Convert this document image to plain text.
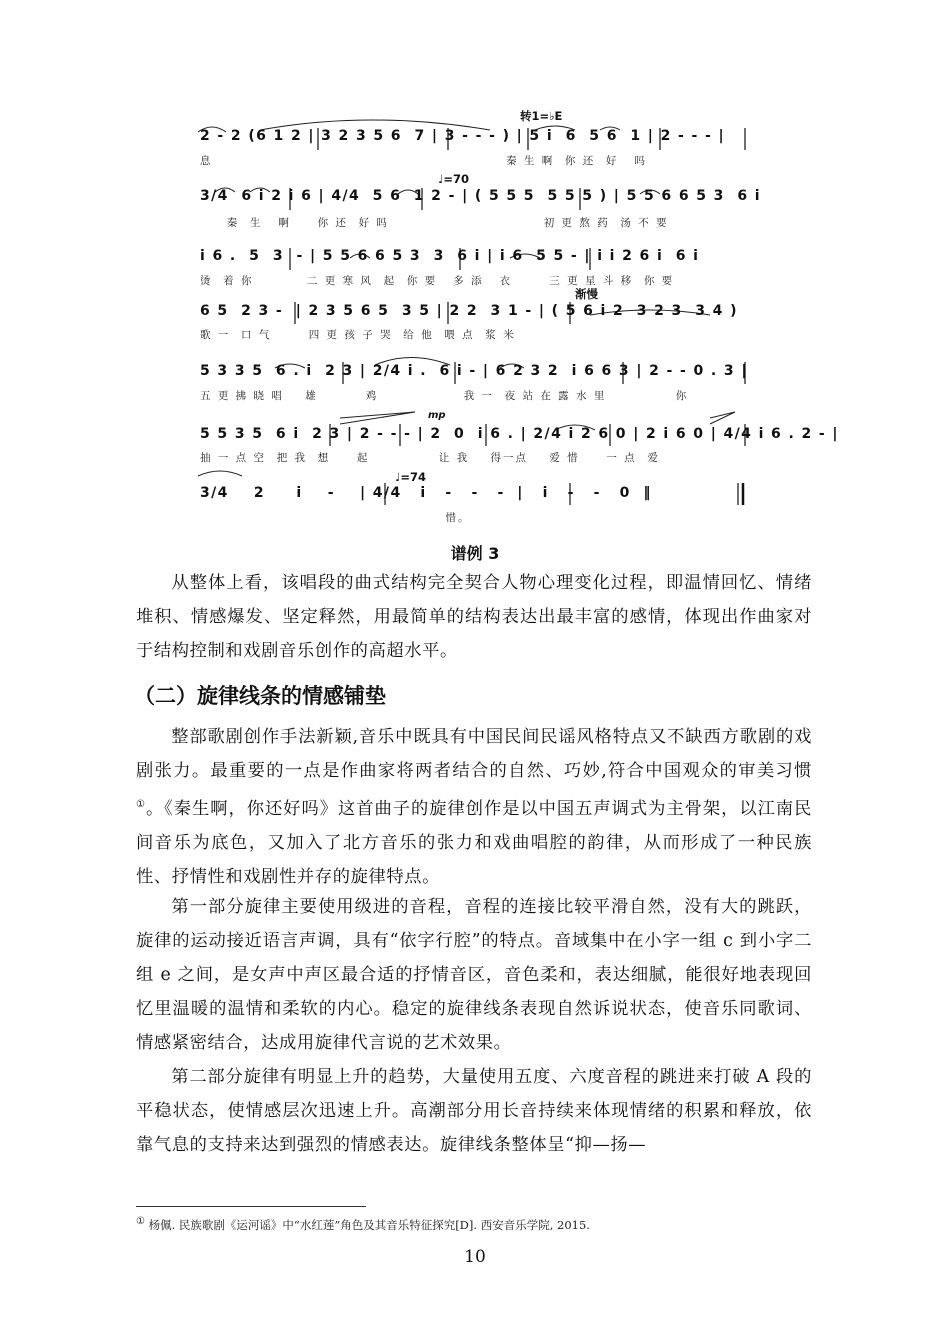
转1=♭E
♩=70
渐慢
mp
♩=74
2 - 2 (6 1 2 | 3 2 3 5 6  7 | 3 - - - ) | 5 i  6  5 6  1 | 2 - - - |
息                                                       秦 生 啊  你 还  好   吗
3/4  6 i 2 i 6 | 4/4  5 6  1 2 - | ( 5 5 5  5 5 5 ) | 5 5 6 6 5 3  6 i
秦  生   啊     你 还  好 吗                             初 更 熬 药  汤 不 要
i 6 .  5  3  - | 5 5 6 6 5 3  3  6 i | i 6  5 5 - | i i 2 6 i  6 i
烫  着 你          二 更 寒 风  起  你 要   多 添   衣       三 更 星 斗 移  你 要
6 5  2 3 -  | 2 3 5 6 5  3 5 | 2 2  3 1 - | ( 5 6 i 2  3 2 3  3 4 )
歌 一  口 气       四 更 孩 子 哭  给 他  喂 点  浆 米
5 3 3 5  6 . i  2 3 | 2/4 i .  6 i - | 6 2 3 2  i 6 6 3 | 2 - - 0 . 3 |
五 更 拂 晓 唱    雄         鸡                我 一  夜 站 在 露 水 里             你
5 5 3 5  6 i  2 3 | 2 - - - | 2  0  i 6 . | 2/4 i 2 6 0 | 2 i 6 0 | 4/4 i 6 . 2 - |
抽 一 点 空  把 我  想     起             让 我    得一点    爱 惜     一 点  爱
3/4    2     i    -    | 4/4   i   -   -   -  |   i   -   -   0  ‖
惜。
谱例 3
从整体上看，该唱段的曲式结构完全契合人物心理变化过程，即温情回忆、情绪堆积、情感爆发、坚定释然，用最简单的结构表达出最丰富的感情，体现出作曲家对于结构控制和戏剧音乐创作的高超水平。
（二）旋律线条的情感铺垫
整部歌剧创作手法新颖,音乐中既具有中国民间民谣风格特点又不缺西方歌剧的戏剧张力。最重要的一点是作曲家将两者结合的自然、巧妙,符合中国观众的审美习惯①。《秦生啊，你还好吗》这首曲子的旋律创作是以中国五声调式为主骨架，以江南民间音乐为底色，又加入了北方音乐的张力和戏曲唱腔的韵律，从而形成了一种民族性、抒情性和戏剧性并存的旋律特点。
第一部分旋律主要使用级进的音程，音程的连接比较平滑自然，没有大的跳跃，旋律的运动接近语言声调，具有“依字行腔”的特点。音域集中在小字一组 c 到小字二组 e 之间，是女声中声区最合适的抒情音区，音色柔和，表达细腻，能很好地表现回忆里温暖的温情和柔软的内心。稳定的旋律线条表现自然诉说状态，使音乐同歌词、情感紧密结合，达成用旋律代言说的艺术效果。
第二部分旋律有明显上升的趋势，大量使用五度、六度音程的跳进来打破 A 段的平稳状态，使情感层次迅速上升。高潮部分用长音持续来体现情绪的积累和释放，依靠气息的支持来达到强烈的情感表达。旋律线条整体呈“抑—扬—
① 杨佩. 民族歌剧《运河谣》中“水红莲”角色及其音乐特征探究[D]. 西安音乐学院, 2015.
10
